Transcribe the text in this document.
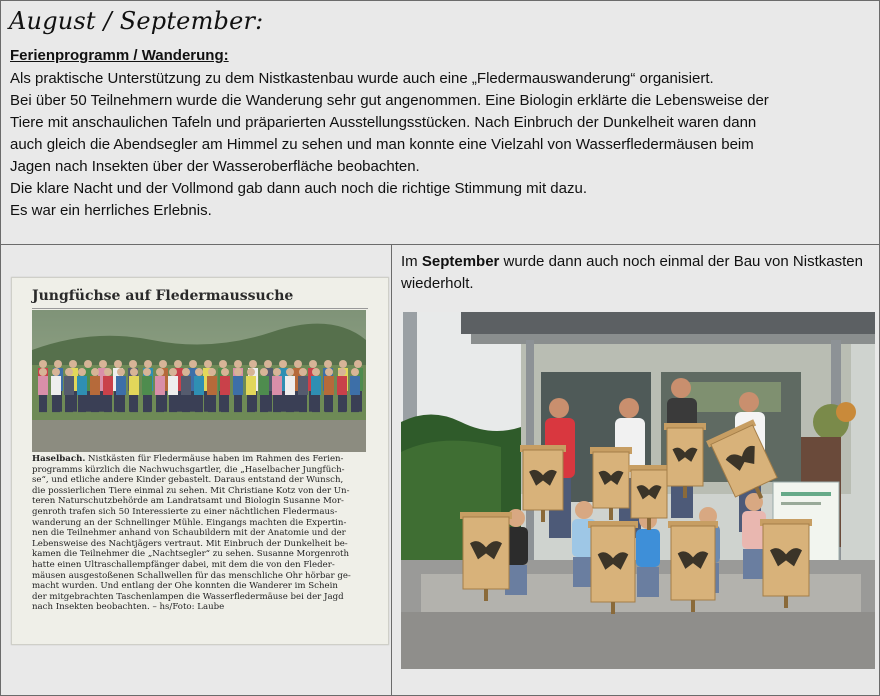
August / September:
Ferienprogramm / Wanderung:
Als praktische Unterstützung zu dem Nistkastenbau wurde auch eine „Fledermauswanderung“ organisiert.
Bei über 50 Teilnehmern wurde die Wanderung sehr gut angenommen. Eine Biologin erklärte die Lebensweise der
Tiere mit anschaulichen Tafeln und präparierten Ausstellungsstücken. Nach Einbruch der Dunkelheit waren dann
auch gleich die Abendsegler am Himmel zu sehen und man konnte eine Vielzahl von Wasserfledermäusen beim
Jagen nach Insekten über der Wasseroberfläche beobachten.
Die klare Nacht und der Vollmond gab dann auch noch die richtige Stimmung mit dazu.
Es war ein herrliches Erlebnis.
Jungfüchse auf Fledermaussuche
Haselbach. Nistkästen für Fledermäuse haben im Rahmen des Ferien-
programms kürzlich die Nachwuchsgartler, die „Haselbacher Jungfüch-
se“, und etliche andere Kinder gebastelt. Daraus entstand der Wunsch,
die possierlichen Tiere einmal zu sehen. Mit Christiane Kotz von der Un-
teren Naturschutzbehörde am Landratsamt und Biologin Susanne Mor-
genroth trafen sich 50 Interessierte zu einer nächtlichen Fledermaus-
wanderung an der Schnellinger Mühle. Eingangs machten die Expertin-
nen die Teilnehmer anhand von Schaubildern mit der Anatomie und der
Lebensweise des Nachtjägers vertraut. Mit Einbruch der Dunkelheit be-
kamen die Teilnehmer die „Nachtsegler“ zu sehen. Susanne Morgenroth
hatte einen Ultraschallempfänger dabei, mit dem die von den Fleder-
mäusen ausgestoßenen Schallwellen für das menschliche Ohr hörbar ge-
macht wurden. Und entlang der Ohe konnten die Wanderer im Schein
der mitgebrachten Taschenlampen die Wasserfledermäuse bei der Jagd
nach Insekten beobachten. – hs/Foto: Laube
Im September wurde dann auch noch einmal der Bau von Nistkasten wiederholt.
